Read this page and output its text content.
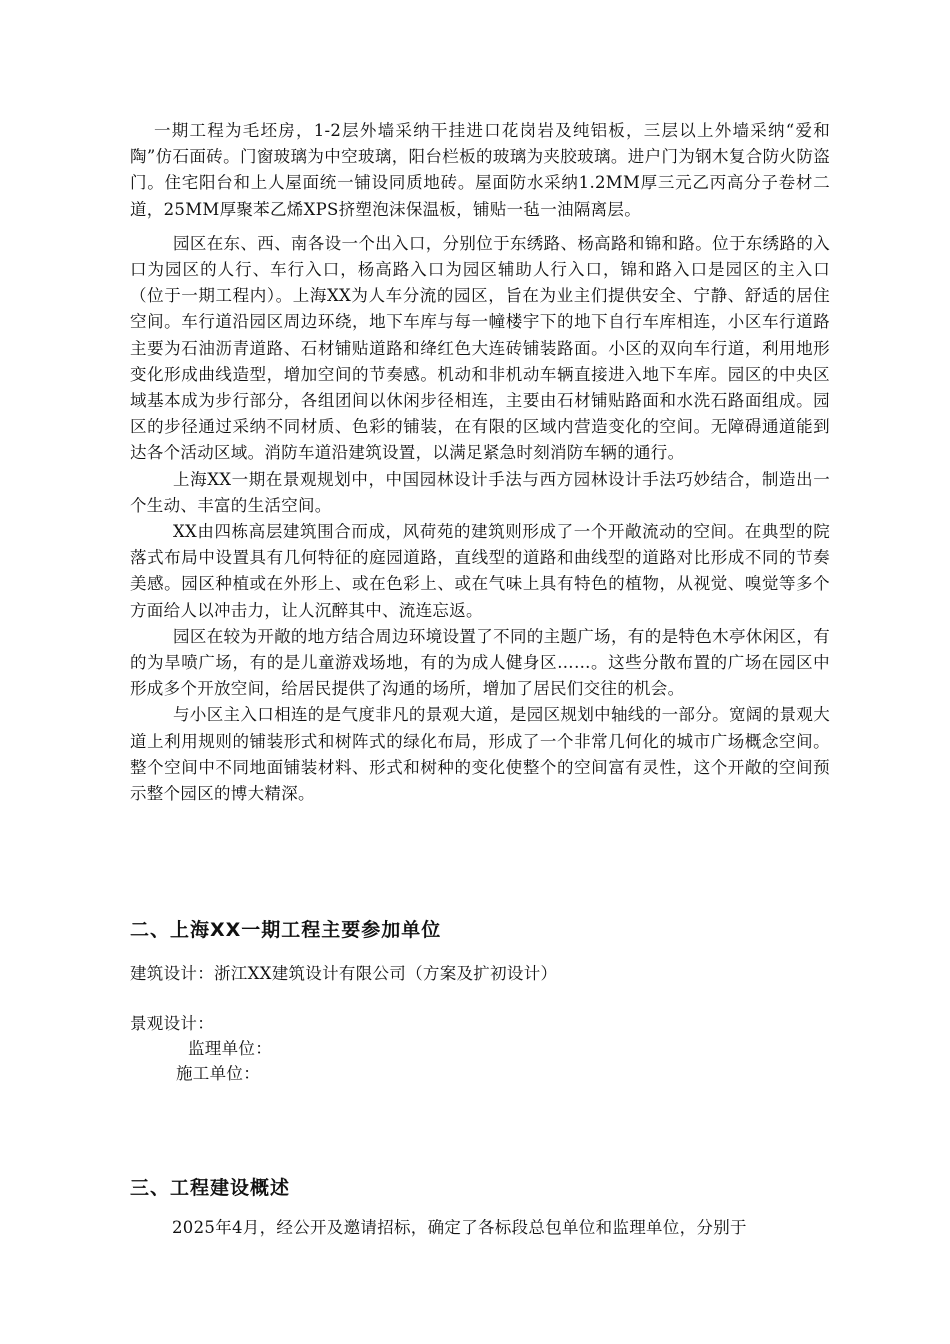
一期工程为毛坯房，1-2层外墙采纳干挂进口花岗岩及纯铝板，三层以上外墙采纳“爱和陶”仿石面砖。门窗玻璃为中空玻璃，阳台栏板的玻璃为夹胶玻璃。进户门为钢木复合防火防盗门。住宅阳台和上人屋面统一铺设同质地砖。屋面防水采纳1.2MM厚三元乙丙高分子卷材二道，25MM厚聚苯乙烯XPS挤塑泡沫保温板，铺贴一毡一油隔离层。

园区在东、西、南各设一个出入口，分别位于东绣路、杨高路和锦和路。位于东绣路的入口为园区的人行、车行入口，杨高路入口为园区辅助人行入口，锦和路入口是园区的主入口（位于一期工程内）。上海XX为人车分流的园区，旨在为业主们提供安全、宁静、舒适的居住空间。车行道沿园区周边环绕，地下车库与每一幢楼宇下的地下自行车库相连，小区车行道路主要为石油沥青道路、石材铺贴道路和绛红色大连砖铺装路面。小区的双向车行道，利用地形变化形成曲线造型，增加空间的节奏感。机动和非机动车辆直接进入地下车库。园区的中央区域基本成为步行部分，各组团间以休闲步径相连，主要由石材铺贴路面和水洗石路面组成。园区的步径通过采纳不同材质、色彩的铺装，在有限的区域内营造变化的空间。无障碍通道能到达各个活动区域。消防车道沿建筑设置，以满足紧急时刻消防车辆的通行。

上海XX一期在景观规划中，中国园林设计手法与西方园林设计手法巧妙结合，制造出一个生动、丰富的生活空间。

XX由四栋高层建筑围合而成，风荷苑的建筑则形成了一个开敞流动的空间。在典型的院落式布局中设置具有几何特征的庭园道路，直线型的道路和曲线型的道路对比形成不同的节奏美感。园区种植或在外形上、或在色彩上、或在气味上具有特色的植物，从视觉、嗅觉等多个方面给人以冲击力，让人沉醉其中、流连忘返。

园区在较为开敞的地方结合周边环境设置了不同的主题广场，有的是特色木亭休闲区，有的为旱喷广场，有的是儿童游戏场地，有的为成人健身区……。这些分散布置的广场在园区中形成多个开放空间，给居民提供了沟通的场所，增加了居民们交往的机会。

与小区主入口相连的是气度非凡的景观大道，是园区规划中轴线的一部分。宽阔的景观大道上利用规则的铺装形式和树阵式的绿化布局，形成了一个非常几何化的城市广场概念空间。整个空间中不同地面铺装材料、形式和树种的变化使整个的空间富有灵性，这个开敞的空间预示整个园区的博大精深。

二、上海XX一期工程主要参加单位

建筑设计：浙江XX建筑设计有限公司（方案及扩初设计）

景观设计：

监理单位：

施工单位：

三、工程建设概述

2025年4月，经公开及邀请招标，确定了各标段总包单位和监理单位，分别于
